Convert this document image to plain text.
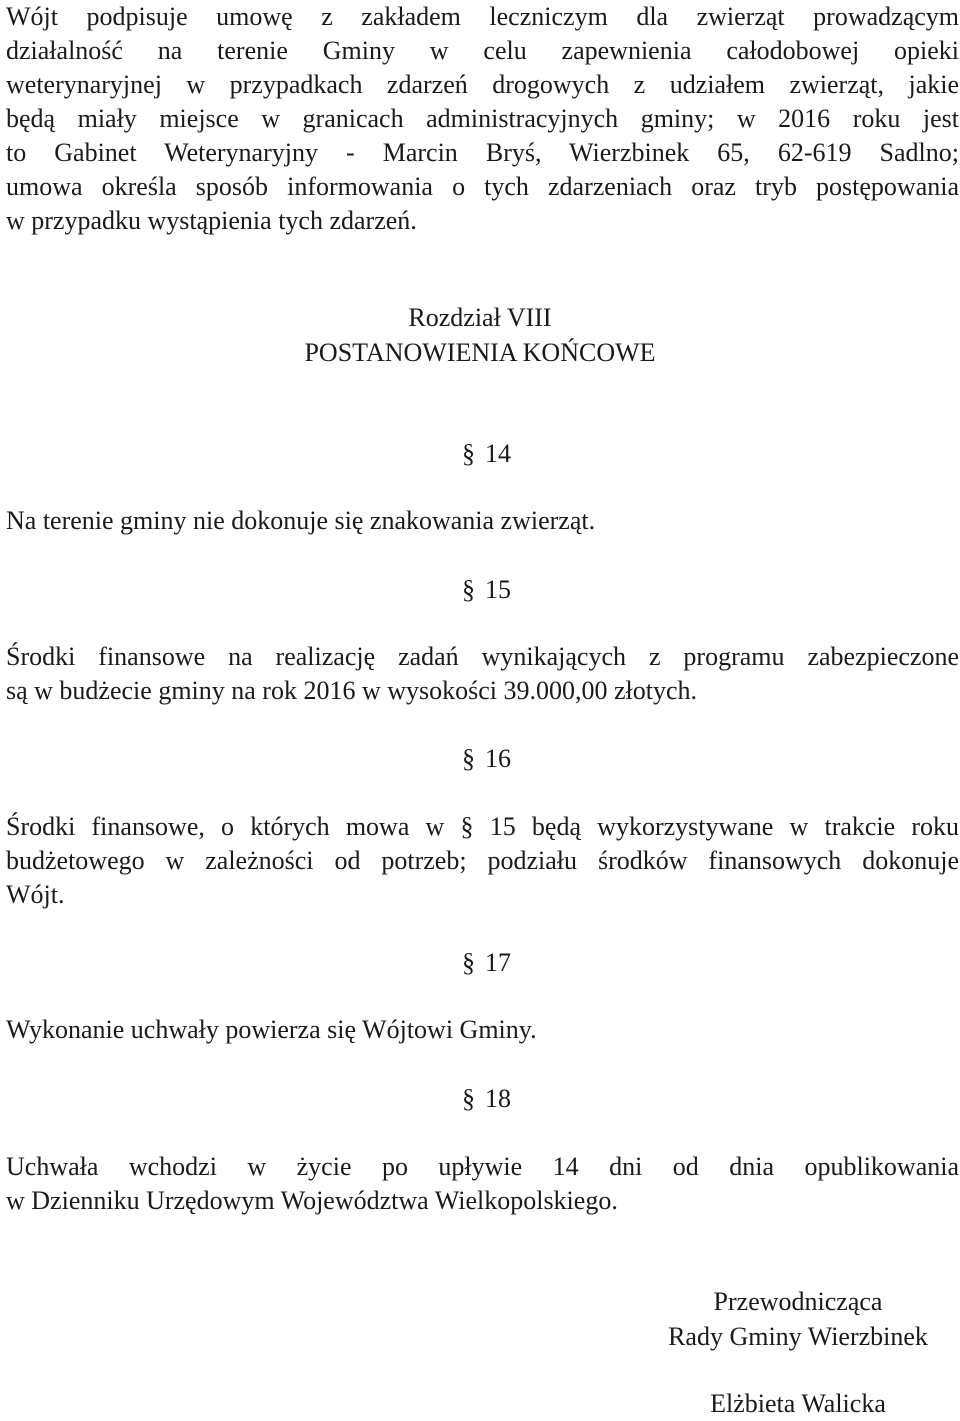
Wójt podpisuje umowę z zakładem leczniczym dla zwierząt prowadzącym
działalność na terenie Gminy w celu zapewnienia całodobowej opieki
weterynaryjnej w przypadkach zdarzeń drogowych z udziałem zwierząt, jakie
będą miały miejsce w granicach administracyjnych gminy; w 2016 roku jest
to Gabinet Weterynaryjny - Marcin Bryś, Wierzbinek 65, 62-619 Sadlno;
umowa określa sposób informowania o tych zdarzeniach oraz tryb postępowania
w przypadku wystąpienia tych zdarzeń.

Rozdział VIII

POSTANOWIENIA KOŃCOWE

§ 14
Na terenie gminy nie dokonuje się znakowania zwierząt.
§ 15
Środki finansowe na realizację zadań wynikających z programu zabezpieczone
są w budżecie gminy na rok 2016 w wysokości 39.000,00 złotych.
§ 16
Środki finansowe, o których mowa w § 15 będą wykorzystywane w trakcie roku
budżetowego w zależności od potrzeb; podziału środków finansowych dokonuje
Wójt.
§ 17
Wykonanie uchwały powierza się Wójtowi Gminy.
§ 18
Uchwała wchodzi w życie po upływie 14 dni od dnia opublikowania
w Dzienniku Urzędowym Województwa Wielkopolskiego.
Przewodnicząca
Rady Gminy Wierzbinek
Elżbieta Walicka
